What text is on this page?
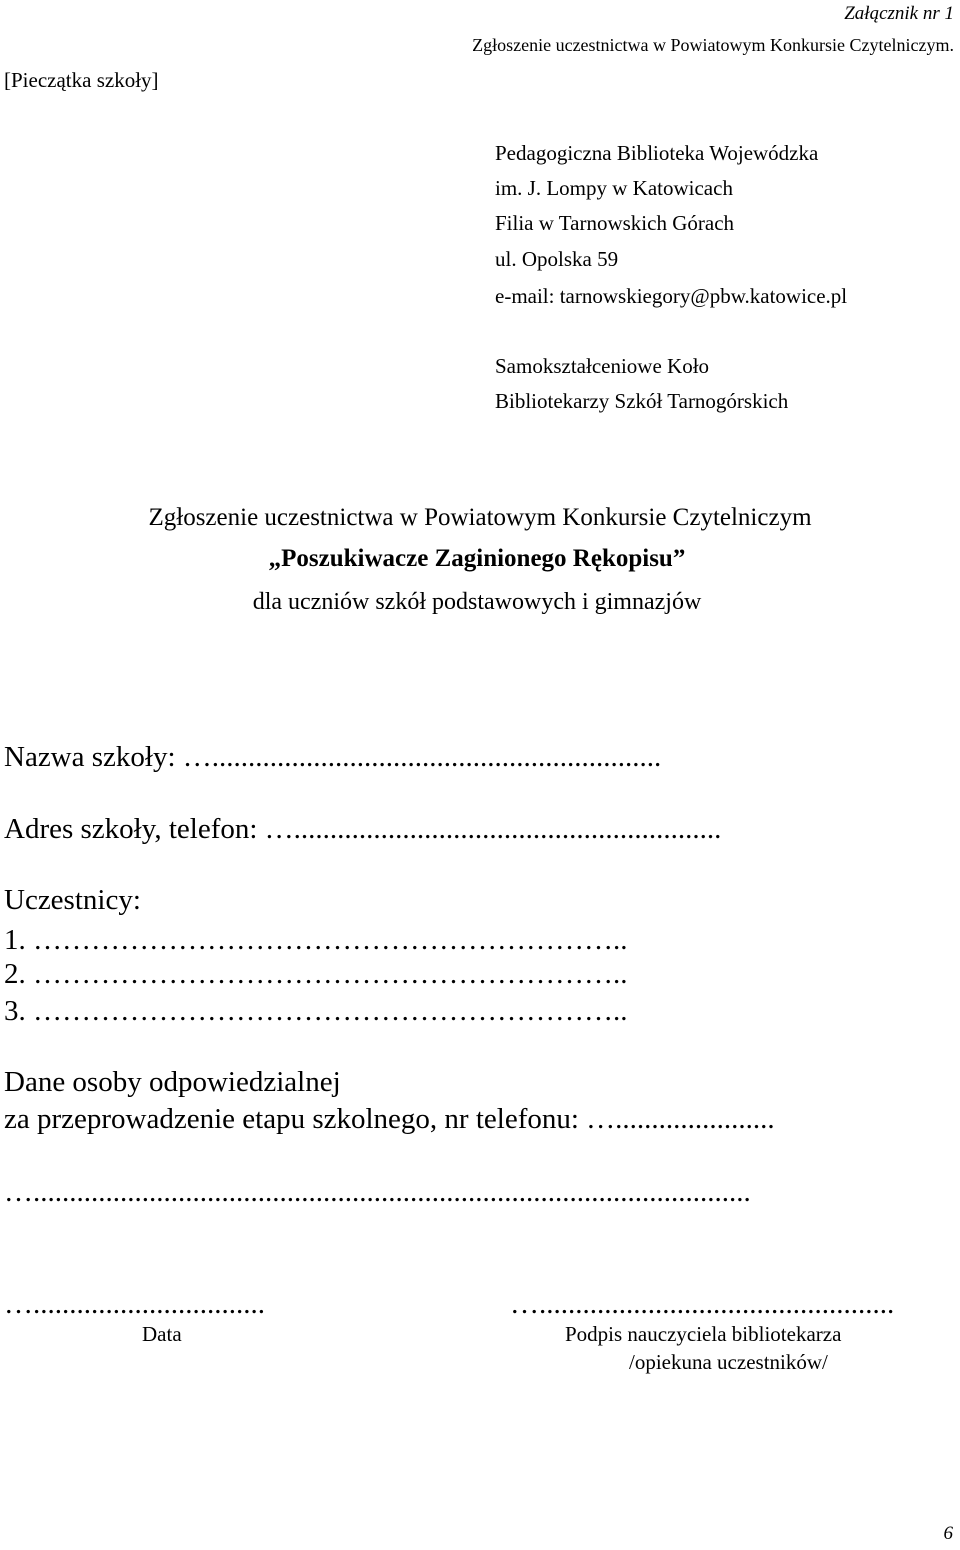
Załącznik nr 1
Zgłoszenie uczestnictwa w Powiatowym Konkursie Czytelniczym.
[Pieczątka szkoły]
Pedagogiczna Biblioteka Wojewódzka
im. J. Lompy w Katowicach
Filia w Tarnowskich Górach
ul. Opolska 59
e-mail: tarnowskiegory@pbw.katowice.pl
Samokształceniowe Koło
Bibliotekarzy Szkół Tarnogórskich
Zgłoszenie uczestnictwa w Powiatowym Konkursie Czytelniczym
„Poszukiwacze Zaginionego Rękopisu”
dla uczniów szkół podstawowych i gimnazjów
Nazwa szkoły: …..............................................................
Adres szkoły, telefon: …...........................................................
Uczestnicy:
1. ……………………………………………………..
2. ……………………………………………………..
3. ……………………………………………………..
Dane osoby odpowiedzialnej
za przeprowadzenie etapu szkolnego, nr telefonu: …......................
…...................................................................................................
…................................
Data
….................................................
Podpis nauczyciela bibliotekarza
/opiekuna uczestników/
6
